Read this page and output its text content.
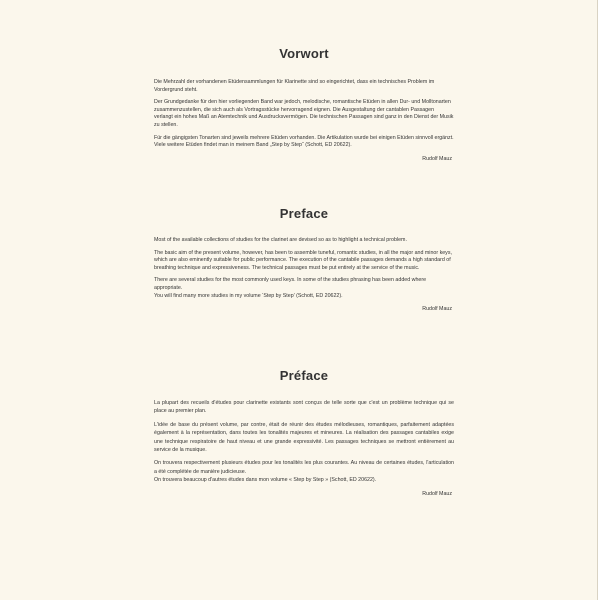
Vorwort

Die Mehrzahl der vorhandenen Etüdensammlungen für Klarinette sind so eingerichtet, dass ein technisches Problem im Vordergrund steht.

Der Grundgedanke für den hier vorliegenden Band war jedoch, melodische, romantische Etüden in allen Dur- und Molltonarten zusammenzustellen, die sich auch als Vortragsstücke hervorragend eignen. Die Ausgestaltung der cantablen Passagen verlangt ein hohes Maß an Atemtechnik und Ausdrucksvermögen. Die technischen Passagen sind ganz in den Dienst der Musik zu stellen.

Für die gängigsten Tonarten sind jeweils mehrere Etüden vorhanden. Die Artikulation wurde bei einigen Etüden sinnvoll ergänzt.
Viele weitere Etüden findet man in meinem Band „Step by Step“ (Schott, ED 20622).

Rudolf Mauz

Preface

Most of the available collections of studies for the clarinet are devised so as to highlight a technical problem.

The basic aim of the present volume, however, has been to assemble tuneful, romantic studies, in all the major and minor keys, which are also eminently suitable for public performance. The execution of the cantabile passages demands a high standard of breathing technique and expressiveness. The technical passages must be put entirely at the service of the music.

There are several studies for the most commonly used keys. In some of the studies phrasing has been added where appropriate.
You will find many more studies in my volume ‘Step by Step’ (Schott, ED 20622).

Rudolf Mauz

Préface

La plupart des recueils d'études pour clarinette existants sont conçus de telle sorte que c'est un problème technique qui se place au premier plan.

L'idée de base du présent volume, par contre, était de réunir des études mélodieuses, romantiques, parfaitement adaptées également à la représentation, dans toutes les tonalités majeures et mineures. La réalisation des passages cantabiles exige une technique respiratoire de haut niveau et une grande expressivité. Les passages techniques se mettront entièrement au service de la musique.

On trouvera respectivement plusieurs études pour les tonalités les plus courantes. Au niveau de certaines études, l'articulation a été complétée de manière judicieuse.
On trouvera beaucoup d'autres études dans mon volume « Step by Step » (Schott, ED 20622).

Rudolf Mauz
